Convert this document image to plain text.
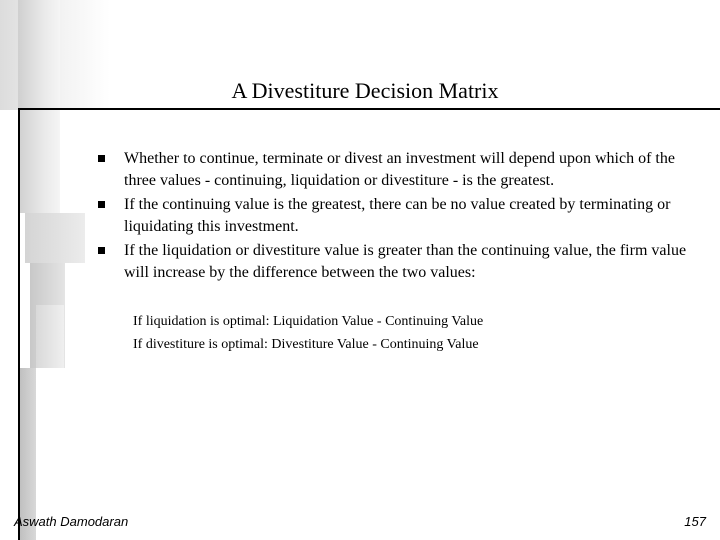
A Divestiture Decision Matrix
Whether to continue, terminate or divest an investment will depend upon which of the three values - continuing, liquidation or divestiture - is the greatest.
If the continuing value is the greatest, there can be no value created by terminating or liquidating this investment.
If the liquidation or divestiture value is greater than the continuing value, the firm value will increase by the difference between the two values:
If liquidation is optimal: Liquidation Value - Continuing Value
If divestiture is optimal: Divestiture Value - Continuing Value
Aswath Damodaran	157
